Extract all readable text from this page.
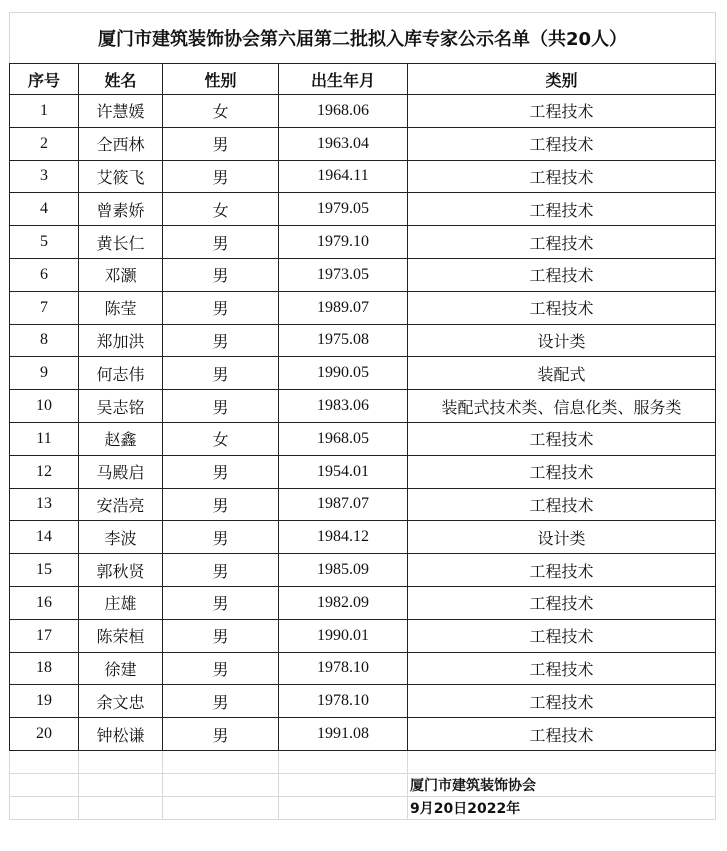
厦门市建筑装饰协会第六届第二批拟入库专家公示名单（共20人）				
序号	姓名	性别	出生年月	类别
1	许慧媛	女	1968.06	工程技术
2	仝西林	男	1963.04	工程技术
3	艾筱飞	男	1964.11	工程技术
4	曾素娇	女	1979.05	工程技术
5	黄长仁	男	1979.10	工程技术
6	邓灏	男	1973.05	工程技术
7	陈莹	男	1989.07	工程技术
8	郑加洪	男	1975.08	设计类
9	何志伟	男	1990.05	装配式
10	吴志铭	男	1983.06	装配式技术类、信息化类、服务类
11	赵鑫	女	1968.05	工程技术
12	马殿启	男	1954.01	工程技术
13	安浩亮	男	1987.07	工程技术
14	李波	男	1984.12	设计类
15	郭秋贤	男	1985.09	工程技术
16	庄雄	男	1982.09	工程技术
17	陈荣桓	男	1990.01	工程技术
18	徐建	男	1978.10	工程技术
19	余文忠	男	1978.10	工程技术
20	钟松谦	男	1991.08	工程技术

				厦门市建筑装饰协会
				9月20日2022年
